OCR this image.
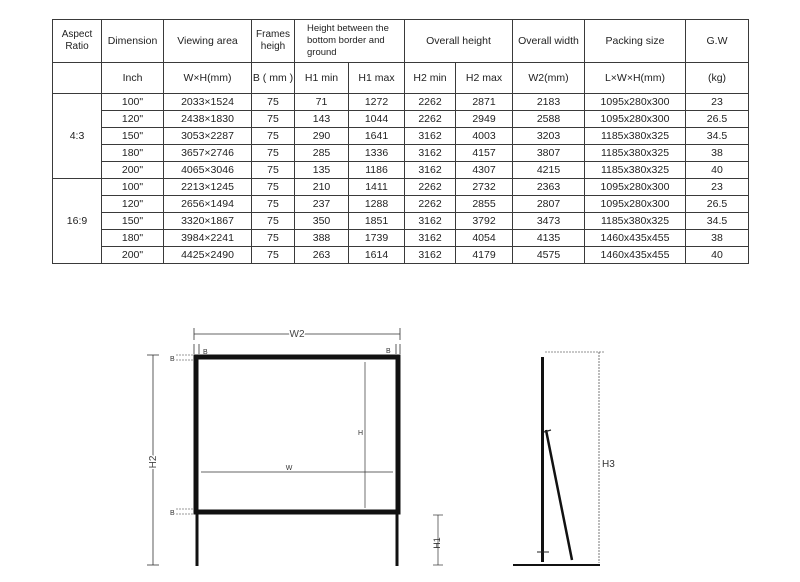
Aspect Ratio	Dimension	Viewing area	Frames heigh	Height between the bottom border and ground		Overall height		Overall width	Packing size	G.W
	Inch	W×H(mm)	B ( mm )	H1 min	H1 max	H2 min	H2 max	W2(mm)	L×W×H(mm)	(kg)
4:3	100"	2033×1524	75	71	1272	2262	2871	2183	1095x280x300	23
	120"	2438×1830	75	143	1044	2262	2949	2588	1095x280x300	26.5
	150"	3053×2287	75	290	1641	3162	4003	3203	1185x380x325	34.5
	180"	3657×2746	75	285	1336	3162	4157	3807	1185x380x325	38
	200"	4065×3046	75	135	1186	3162	4307	4215	1185x380x325	40
16:9	100"	2213×1245	75	210	1411	2262	2732	2363	1095x280x300	23
	120"	2656×1494	75	237	1288	2262	2855	2807	1095x280x300	26.5
	150"	3320×1867	75	350	1851	3162	3792	3473	1185x380x325	34.5
	180"	3984×2241	75	388	1739	3162	4054	4135	1460x435x455	38
	200"	4425×2490	75	263	1614	3162	4179	4575	1460x435x455	40
W2
H2
B	B
B
B
W
H
H1
H3
